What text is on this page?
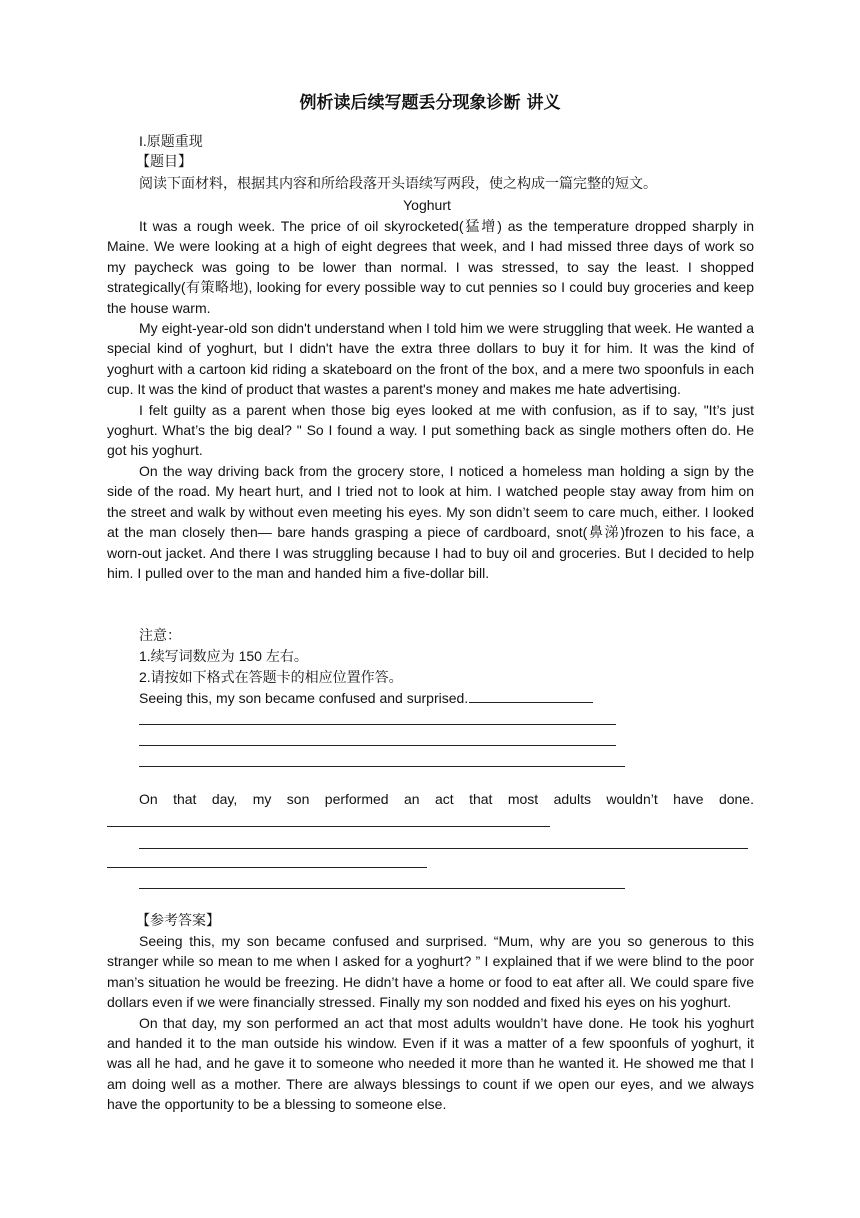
例析读后续写题丢分现象诊断 讲义
I.原题重现
【题目】
阅读下面材料，根据其内容和所给段落开头语续写两段，使之构成一篇完整的短文。
Yoghurt

It was a rough week. The price of oil skyrocketed(猛增) as the temperature dropped sharply in Maine. We were looking at a high of eight degrees that week, and I had missed three days of work so my paycheck was going to be lower than normal. I was stressed, to say the least. I shopped strategically(有策略地), looking for every possible way to cut pennies so I could buy groceries and keep the house warm.

My eight-year-old son didn't understand when I told him we were struggling that week. He wanted a special kind of yoghurt, but I didn't have the extra three dollars to buy it for him. It was the kind of yoghurt with a cartoon kid riding a skateboard on the front of the box, and a mere two spoonfuls in each cup. It was the kind of product that wastes a parent's money and makes me hate advertising.

I felt guilty as a parent when those big eyes looked at me with confusion, as if to say, "It’s just yoghurt. What’s the big deal? " So I found a way. I put something back as single mothers often do. He got his yoghurt.

On the way driving back from the grocery store, I noticed a homeless man holding a sign by the side of the road. My heart hurt, and I tried not to look at him. I watched people stay away from him on the street and walk by without even meeting his eyes. My son didn’t seem to care much, either. I looked at the man closely then— bare hands grasping a piece of cardboard, snot(鼻涕)frozen to his face, a worn-out jacket. And there I was struggling because I had to buy oil and groceries. But I decided to help him. I pulled over to the man and handed him a five-dollar bill.

注意：
1.续写词数应为 150 左右。
2.请按如下格式在答题卡的相应位置作答。
Seeing this, my son became confused and surprised.
On that day, my son performed an act that most adults wouldn’t have done.
【参考答案】

Seeing this, my son became confused and surprised. “Mum, why are you so generous to this stranger while so mean to me when I asked for a yoghurt? ” I explained that if we were blind to the poor man’s situation he would be freezing. He didn’t have a home or food to eat after all. We could spare five dollars even if we were financially stressed. Finally my son nodded and fixed his eyes on his yoghurt.

On that day, my son performed an act that most adults wouldn’t have done. He took his yoghurt and handed it to the man outside his window. Even if it was a matter of a few spoonfuls of yoghurt, it was all he had, and he gave it to someone who needed it more than he wanted it. He showed me that I am doing well as a mother. There are always blessings to count if we open our eyes, and we always have the opportunity to be a blessing to someone else.
